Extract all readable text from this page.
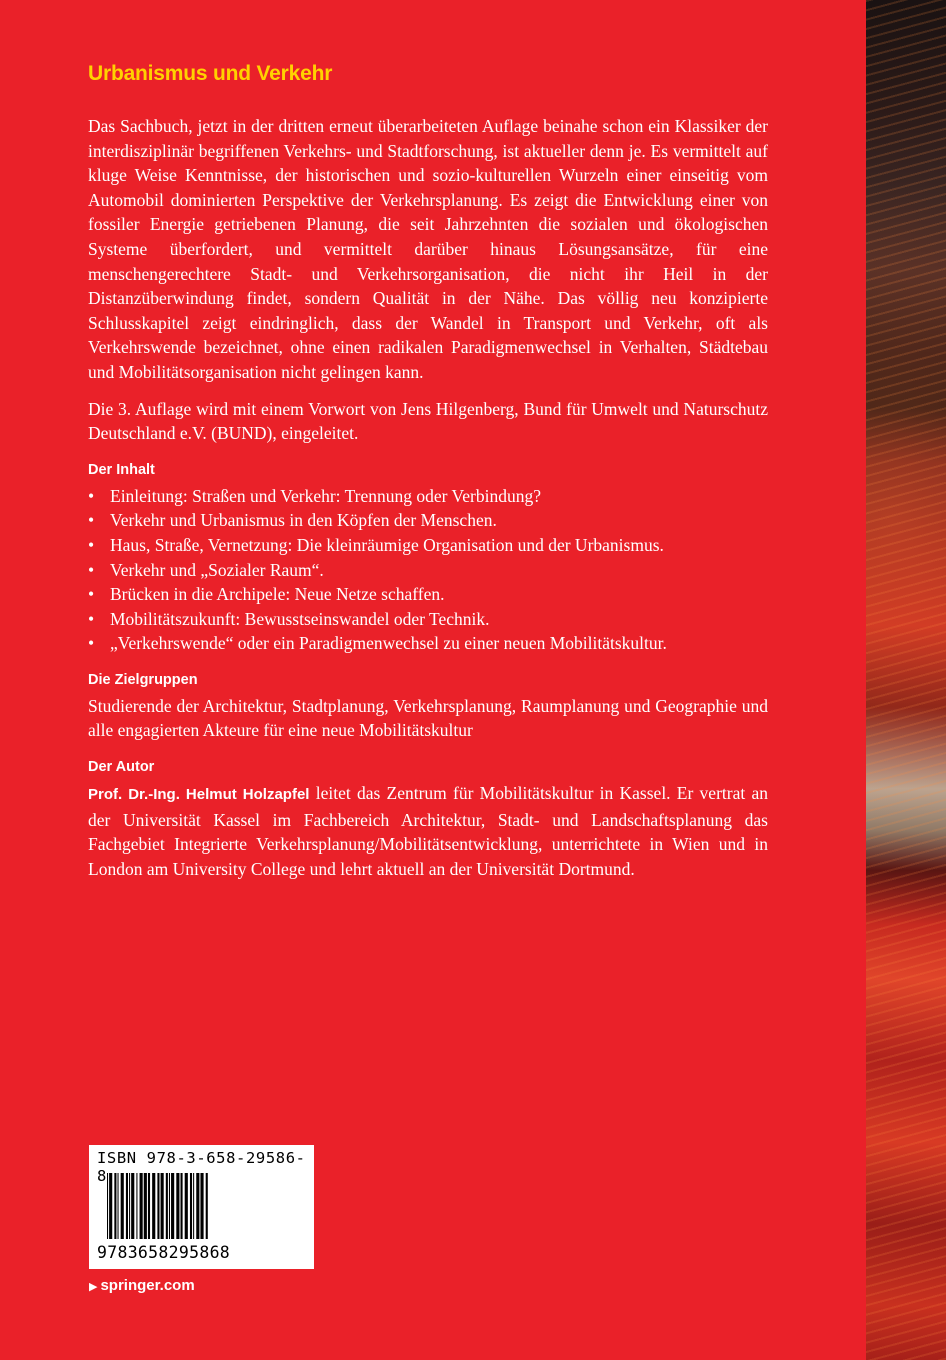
Urbanismus und Verkehr

Das Sachbuch, jetzt in der dritten erneut überarbeiteten Auflage beinahe schon ein Klassiker der interdisziplinär begriffenen Verkehrs- und Stadtforschung, ist aktueller denn je. Es vermittelt auf kluge Weise Kenntnisse, der historischen und sozio-kulturellen Wurzeln einer einseitig vom Automobil dominierten Perspektive der Verkehrsplanung. Es zeigt die Entwicklung einer von fossiler Energie getriebenen Planung, die seit Jahrzehnten die sozialen und ökologischen Systeme überfordert, und vermittelt darüber hinaus Lösungsansätze, für eine menschengerechtere Stadt- und Verkehrsorganisation, die nicht ihr Heil in der Distanzüberwindung findet, sondern Qualität in der Nähe. Das völlig neu konzipierte Schlusskapitel zeigt eindringlich, dass der Wandel in Transport und Verkehr, oft als Verkehrswende bezeichnet, ohne einen radikalen Paradigmenwechsel in Verhalten, Städtebau und Mobilitätsorganisation nicht gelingen kann.

Die 3. Auflage wird mit einem Vorwort von Jens Hilgenberg, Bund für Umwelt und Naturschutz Deutschland e.V. (BUND), eingeleitet.

Der Inhalt
• Einleitung: Straßen und Verkehr: Trennung oder Verbindung?
• Verkehr und Urbanismus in den Köpfen der Menschen.
• Haus, Straße, Vernetzung: Die kleinräumige Organisation und der Urbanismus.
• Verkehr und „Sozialer Raum“.
• Brücken in die Archipele: Neue Netze schaffen.
• Mobilitätszukunft: Bewusstseinswandel oder Technik.
• „Verkehrswende“ oder ein Paradigmenwechsel zu einer neuen Mobilitätskultur.
Die Zielgruppen

Studierende der Architektur, Stadtplanung, Verkehrsplanung, Raumplanung und Geographie und alle engagierten Akteure für eine neue Mobilitätskultur

Der Autor

Prof. Dr.-Ing. Helmut Holzapfel leitet das Zentrum für Mobilitätskultur in Kassel. Er vertrat an der Universität Kassel im Fachbereich Architektur, Stadt- und Landschaftsplanung das Fachgebiet Integrierte Verkehrsplanung/Mobilitätsentwicklung, unterrichtete in Wien und in London am University College und lehrt aktuell an der Universität Dortmund.

ISBN 978-3-658-29586-8
9783658295868
▶ springer.com
